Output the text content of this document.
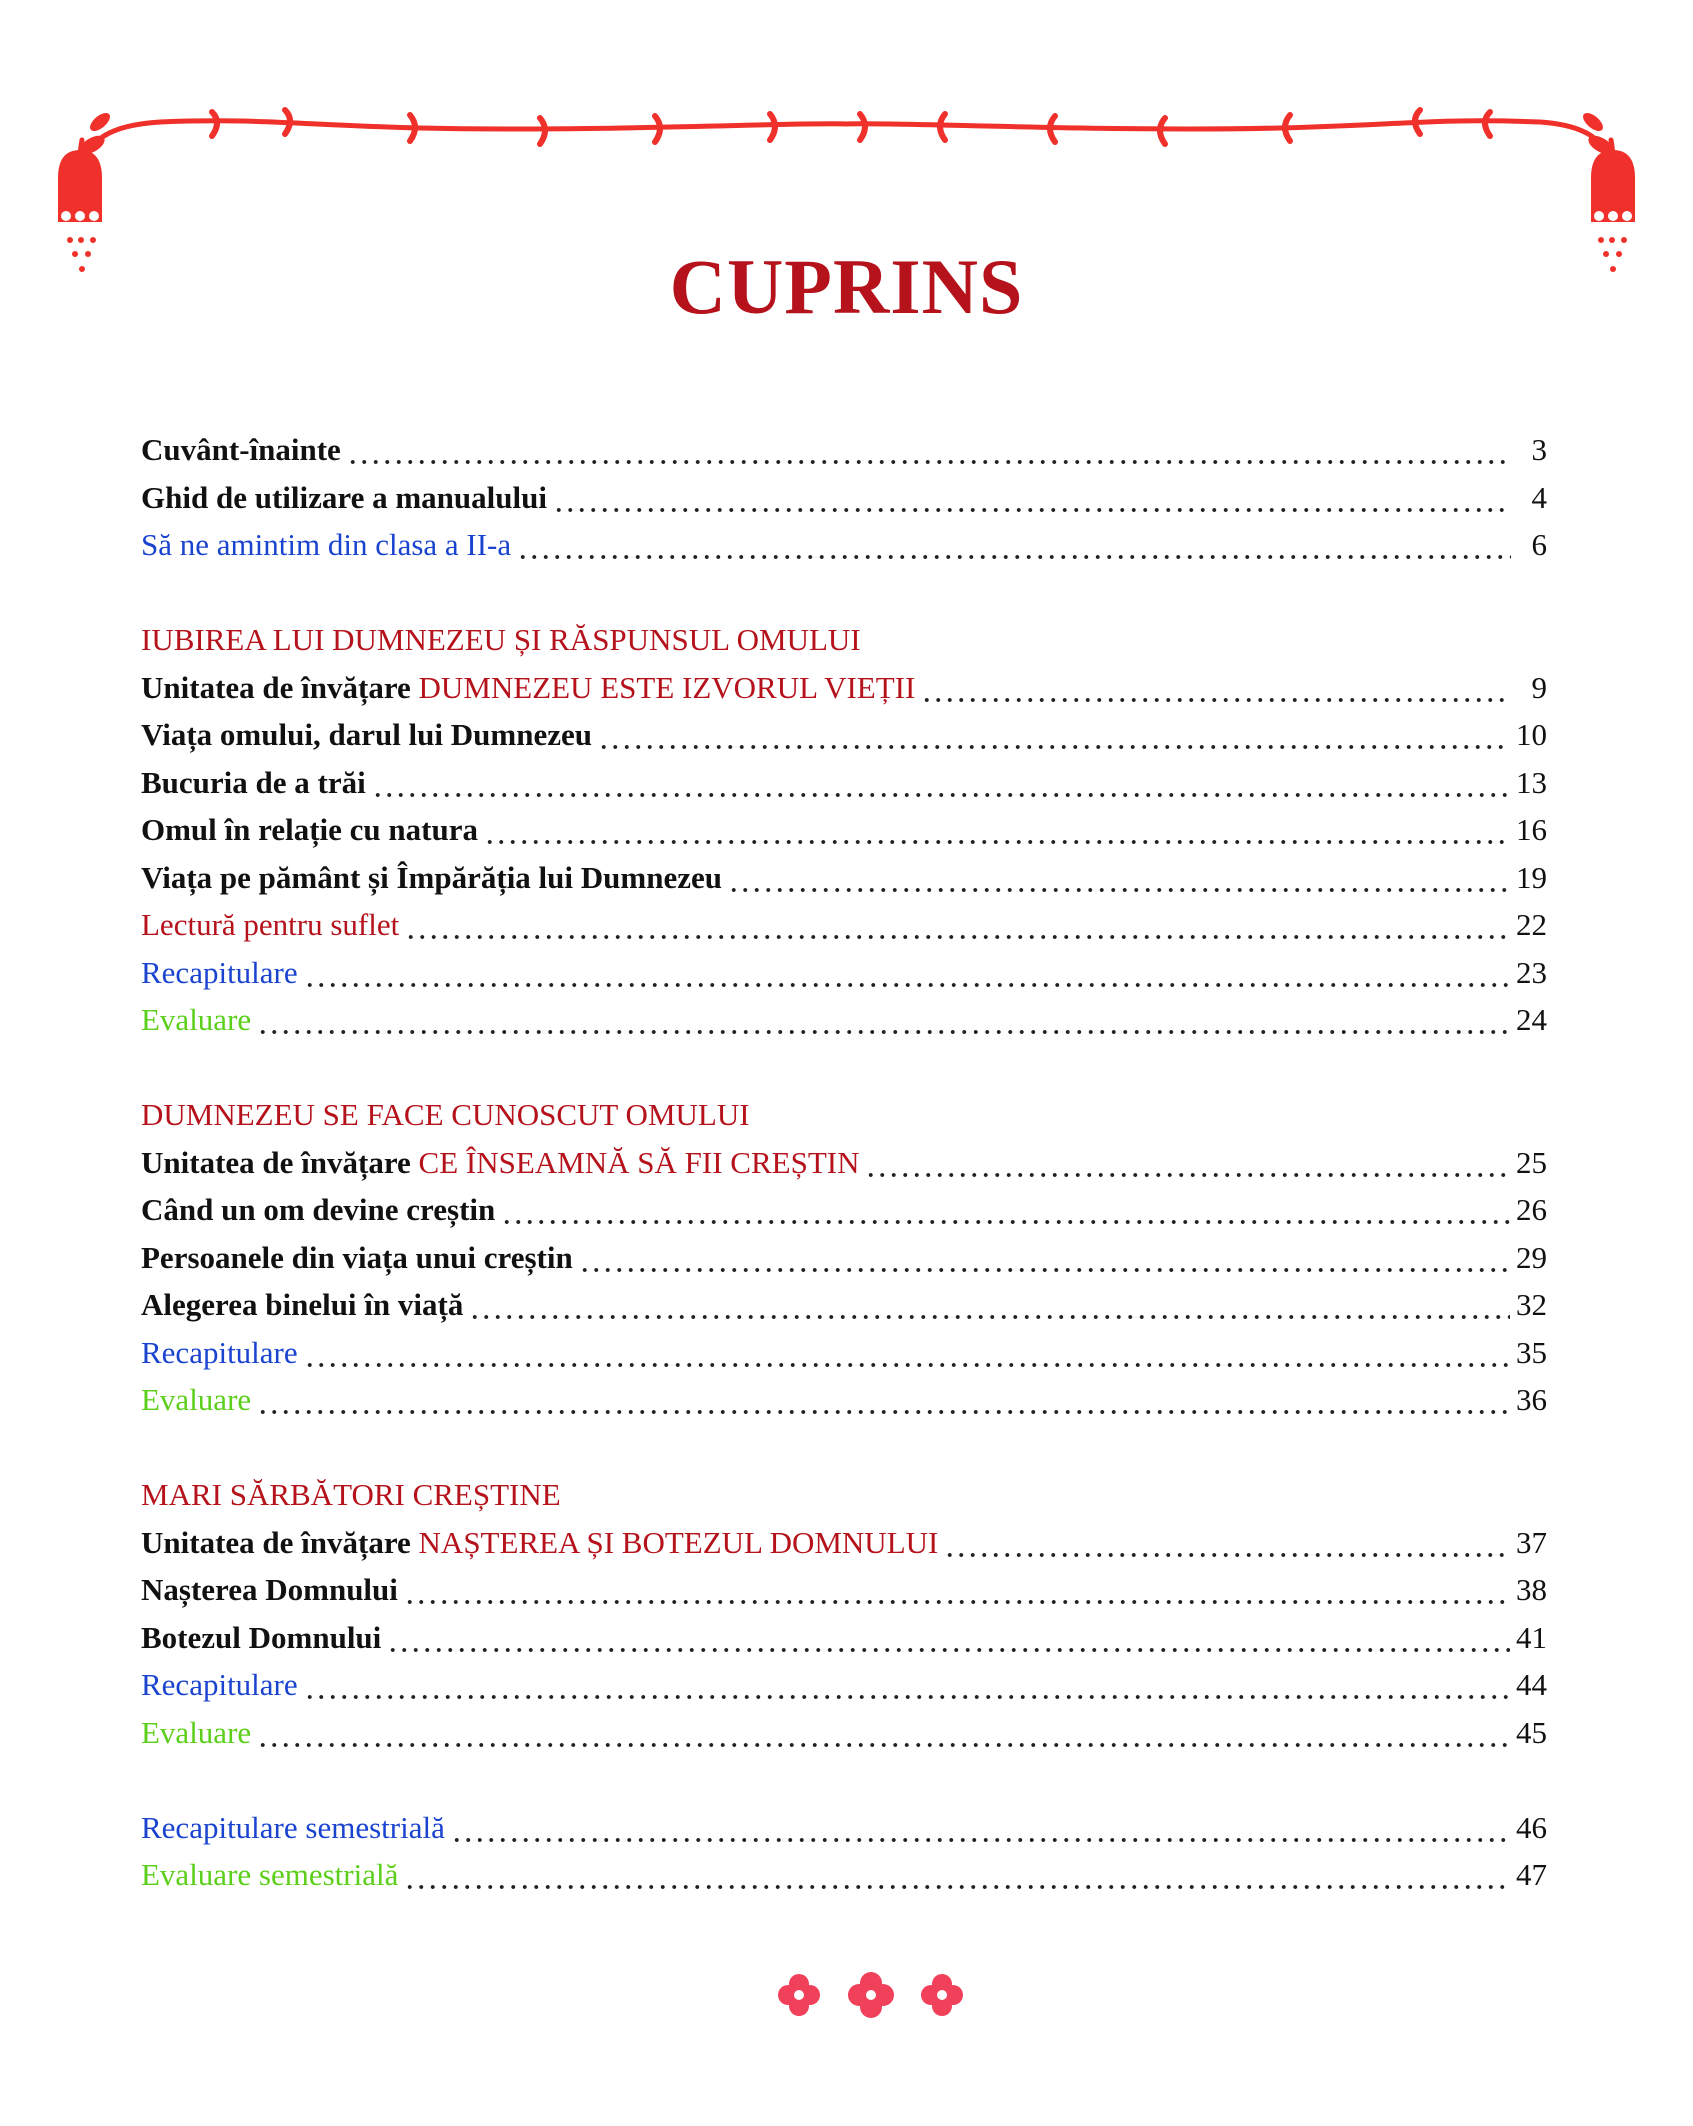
CUPRINS
Cuvânt-înainte	3
Ghid de utilizare a manualului	4
Să ne amintim din clasa a II-a	6
IUBIREA LUI DUMNEZEU ȘI RĂSPUNSUL OMULUI
Unitatea de învățare
DUMNEZEU ESTE IZVORUL VIEȚII	9
Viața omului, darul lui Dumnezeu	10
Bucuria de a trăi	13
Omul în relație cu natura	16
Viața pe pământ și Împărăția lui Dumnezeu	19
Lectură pentru suflet	22
Recapitulare	23
Evaluare	24
DUMNEZEU SE FACE CUNOSCUT OMULUI
Unitatea de învățare
CE ÎNSEAMNĂ SĂ FII CREȘTIN	25
Când un om devine creștin	26
Persoanele din viața unui creștin	29
Alegerea binelui în viață	32
Recapitulare	35
Evaluare	36
MARI SĂRBĂTORI CREȘTINE
Unitatea de învățare
NAȘTEREA ȘI BOTEZUL DOMNULUI	37
Nașterea Domnului	38
Botezul Domnului	41
Recapitulare	44
Evaluare	45
Recapitulare semestrială	46
Evaluare semestrială	47
